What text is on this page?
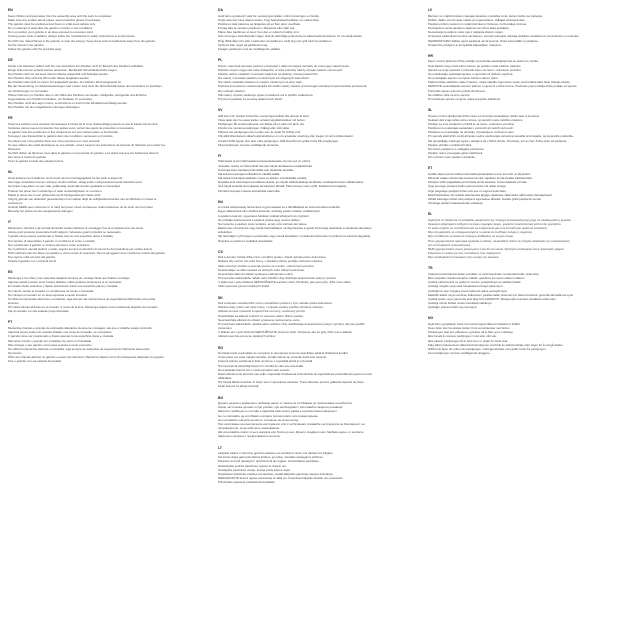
EN
Keep children and pets away from the assembly area until the work is completed.
Make sure any surface about edges, wear protective gloves if necessary.
The gazebo must be positioned and fixed on a flat level surface only.
Do not attempt to assemble the gazebo in windy or wet conditions.
Do not position your gazebo in an area exposed to excessive wind.
If using power tools or ladders, always follow the manufacturer's safety instructions to avoid injuries.
Do NOT use naked flames in the gazebo or near the canopy. Keep items such as barbecues away from the gazebo.
Not be stored in the gazebo.
Follow the gazebo with the provided pegs.
DE
Kinder und Haustiere sollten sich bis zum Abschluss der Arbeiten nicht im Bereich des Pavillons aufhalten.
Einige Teile können scharfe Kanten aufweisen. Bei Bedarf Schutzhandschuhe tragen.
Der Pavillon darf nur auf einer ebenen Fläche aufgestellt und befestigt werden.
Den Pavillon bitte nicht bei Wind oder Nässe aufgebaut werden.
Der Pavillon darf nicht an einem Ort aufgestellt werden, der starkem Wind ausgesetzt ist.
Bei der Verwendung von Elektrowerkzeugen oder Leitern sind stets die Sicherheitshinweise des Herstellers zu beachten,
um Verletzungen zu vermeiden.
Offene Flammen im Pavillon oder in der Nähe des Pavillons vermeiden. Grillgeräte, Heizgeräte und ähnliche
Gegenstände vom Pavillon fernhalten, um Schäden zu vermeiden.
Den Pavillon nicht als Lager nutzen, sonst könnte er durch hohe Windlast beschädigt werden.
Den Pavillon mit den mitgelieferten Heringen befestigen.
FR
Tenez les enfants et les animaux domestiques à l'écart de la zone d'assemblage jusqu'à ce que le travail soit terminé.
Certaines pièces peuvent présenter des arêtes vives, portez des gants de protection si nécessaire.
Le gazebo doit être positionné et fixé uniquement sur une surface plane et horizontale.
N'essayez pas d'assembler le gazebo dans des conditions venteuses ou humides.
Ne placez pas votre gazebo dans une zone exposée à un vent excessif.
Si vous utilisez des outils électriques ou une échelle, suivez toujours les instructions de sécurité du fabricant pour éviter les
blessures.
Ne PAS utiliser de flammes nues dans le gazebo ou à proximité du gazebo. Les objets tels que les barbecues doivent
être tenus à l'écart du gazebo.
Fixez le gazebo à l'aide des piquets fournis.
NL
Houd kinderen en huisdieren uit de buurt van het montagegebied tot het werk is afgerond.
Sommige onderdelen kunnen scherpe randen hebben, draag indien nodig beschermende handschoenen.
Het prieel mag alleen op een vlak, gelijkmatig oppervlak worden geplaatst en bevestigd.
Probeer het prieel niet in winderige of natte omstandigheden te monteren.
Plaats je prieel niet in een gebied dat wordt blootgesteld aan harde wind.
Volg bij gebruik van elektrisch gereedschap of een ladder altijd de veiligheidsinstructies van de fabrikant om letsel te
voorkomen.
Gebruik GEEN open vlammen in of nabij het prieel. Houd voorwerpen zoals barbecues uit de buurt van het prieel.
Bevestig het prieel met de meegeleverde haringen.
IT
Mantenere i bambini e gli animali domestici lontani dall'area di montaggio fino al completamento dei lavori.
Alcune parti possono presentare bordi taglienti, indossare guanti protettivi se necessario.
Il gazebo deve essere posizionato e fissato solo su una superficie piana e livellata.
Non tentare di assemblare il gazebo in condizioni di vento o umidità.
Non posizionare il gazebo in un'area esposta a vento eccessivo.
Se si utilizzano utensili elettrici o scale, seguire sempre le istruzioni di sicurezza del produttore per evitare lesioni.
NON utilizzare fiamme libere nel gazebo o vicino al telo di copertura. Tenere gli oggetti come i barbecue lontani dal gazebo.
Non riporre nulla sul tetto del gazebo.
Fissare il gazebo con i picchetti forniti.
ES
Mantenga a los niños y las mascotas alejados del área de montaje hasta que finalice el trabajo.
Algunas piezas pueden tener bordes afilados; utilice guantes protectores si es necesario.
El cenador debe colocarse y fijarse únicamente sobre una superficie plana y nivelada.
No intente montar el cenador en condiciones de viento o humedad.
No coloque el cenador en un área expuesta a viento excesivo.
Si utiliza herramientas eléctricas o escaleras, siga siempre las instrucciones de seguridad del fabricante para evitar
lesiones.
NO utilice llamas abiertas en el cenador ni cerca de la lona. Mantenga objetos como barbacoas alejados del cenador.
Fije el cenador con las estacas proporcionadas.
PT
Mantenha crianças e animais de estimação afastados da área de montagem até que o trabalho esteja concluído.
Algumas peças podem ter arestas afiadas; use luvas de proteção, se necessário.
O gazebo deve ser posicionado e fixado apenas numa superfície plana e nivelada.
Não tente montar o gazebo em condições de vento ou humidade.
Não coloque o seu gazebo numa área exposta a vento excessivo.
Se utilizar ferramentas elétricas ou escadas, siga sempre as instruções de segurança do fabricante para evitar
ferimentos.
NÃO use chamas abertas no gazebo ou perto da cobertura. Mantenha objetos como churrasqueiras afastados do gazebo.
Fixe o gazebo com as estacas fornecidas.
DA
Hold børn og kæledyr væk fra monteringsområdet, indtil monteringen er færdig.
Nogle dele kan have skarpe kanter, brug beskyttelseshandsker om nødvendigt.
Pavillonen skal placeres og fastgøres på en flad, jævn overflade.
Forsøg ikke at montere pavillonen i blæsende eller vådt vejr.
Placer ikke pavillonen et sted, hvor den er udsat for kraftig vind.
Hvis du bruger elværktøj eller stiger, skal du altid følge producentens sikkerhedsinstruktioner for at undgå skader.
Brug IKKE åben ild i eller i nærheden af pavillonen. Hold ting som grill væk fra pavillonen.
Opbevar ikke noget på pavillonens tag.
Fastgør pavillonen med de medfølgende pløkker.
PL
Dzieci i zwierzęta domowe powinny przebywać z dala od miejsca montażu do czasu jego zakończenia.
Niektóre części mogą mieć ostre krawędzie; w razie potrzeby należy używać rękawic ochronnych.
Pawilon należy ustawiać i mocować wyłącznie na płaskiej, równej powierzchni.
Nie należy montować pawilonu w wietrznych lub wilgotnych warunkach.
Nie należy ustawiać pawilonu w miejscu narażonym na silny wiatr.
Podczas korzystania z elektronarzędzi lub drabin należy zawsze przestrzegać instrukcji bezpieczeństwa producenta,
aby uniknąć obrażeń.
NIE należy używać otwartego ognia w pawilonie ani w pobliżu zadaszenia.
Przymocuj pawilon za pomocą dołączonych śledzi.
SV
Håll barn och husdjur borta från monteringsområdet tills arbetet är klart.
Vissa delar kan ha vassa kanter, använd skyddshandskar vid behov.
Paviljongen får endast placeras och fästas på en plan och jämn yta.
Försök inte montera paviljongen i blåsigt eller vått väder.
Placera inte paviljongen på en plats som är utsatt för kraftig vind.
Följ alltid tillverkarens säkerhetsinstruktioner om du använder elverktyg eller stegar, för att undvika skador.
Använd INTE öppen eld i eller nära paviljongen. Håll föremål som grillar borta från paviljongen.
Fäst paviljongen med de medföljande pinnarna.
FI
Pidä lapset ja lemmikit kaukana kokoamisalueelta, kunnes työ on valmis.
Joissakin osissa voi olla teräviä reunoja; käytä tarvittaessa suojakäsineitä.
Huvimaja tulee sijoittaa ja kiinnittää vain tasaiselle alustalle.
Älä kokoa huvimajaa tuulisella tai märällä säällä.
Älä sijoita huvimajaa paikkaan, jossa se altistuu voimakkaalle tuulelle.
Noudata aina valmistajan turvallisuusohjeita, jos käytät sähkötyökaluja tai tikkaita, loukkaantumisten välttämiseksi.
ÄLÄ käytä avotulta huvimajassa tai katoksen lähellä. Pidä esineet, kuten grillit, kaukana huvimajasta.
Kiinnitä huvimaja mukana toimitetuilla vaarnoilla.
HU
A munka befejezéséig tartsa távol a gyermekeket és a háziállatokat az összeszerelési területtől.
Egyes alkatrészek éles szélűek lehetnek, szükség esetén viseljen védőkesztyűt.
A pavilont csak sík, egyenletes felületen szabad elhelyezni és rögzíteni.
Ne próbálja összeszerelni a pavilont szeles vagy nedves időben.
Ne helyezze a pavilont olyan területre, amely erős szélnek van kitéve.
Elektromos szerszámok vagy létrák használatakor mindig kövesse a gyártó biztonsági utasításait a sérülések elkerülése
érdekében.
NE használjon nyílt lángot a pavilonban vagy annak közelében. A pavilontól tartsa távol a grillezőt és hasonló tárgyakat.
Rögzítse a pavilont a mellékelt cövekekkel.
CS
Děti a domácí zvířata držte mimo montážní prostor, dokud nebude práce dokončena.
Některé díly mohou mít ostré hrany, v případě potřeby použijte ochranné rukavice.
Altán musí být umístěn a upevněn pouze na rovném, vodorovném povrchu.
Nepokoušejte se altán sestavit za větrných nebo vlhkých podmínek.
Neumisťujte altán do oblasti vystavené nadměrnému větru.
Při používání elektrického nářadí nebo žebříků vždy dodržujte bezpečnostní pokyny výrobce.
V altánu ani v jeho blízkosti NEPOUŽÍVEJTE otevřený oheň. Předměty, jako jsou grily, držte mimo altán.
Altán upevněte pomocí dodaných kolíků.
SK
Deti a domáce zvieratá držte mimo montážneho priestoru, kým nebude práca dokončená.
Niektoré diely môžu mať ostré hrany, v prípade potreby použite ochranné rukavice.
Altánok sa smie umiestniť a upevniť iba na rovný, vodorovný povrch.
Nepokúšajte sa altánok zostaviť vo veternom alebo vlhkom počasí.
Neumiestňujte altánok do oblasti vystavenej nadmernému vetru.
Pri používaní elektrického náradia alebo rebríkov vždy dodržiavajte bezpečnostné pokyny výrobcu, aby ste predišli
zraneniam.
V altánku ani v jeho blízkosti NEPOUŽÍVAJTE otvorený oheň. Predmety, ako sú grily, držte mimo altánku.
Altánok upevnite pomocou dodaných kolíkov.
RO
Nu lăsați copiii și animalele de companie în apropierea zonei de asamblare până la finalizarea lucrării.
Unele piese pot avea margini ascuțite, purtați mănuși de protecție dacă este necesar.
Foișorul trebuie poziționat și fixat numai pe o suprafață plană și orizontală.
Nu încercați să asamblați foișorul în condiții de vânt sau umezeală.
Nu amplasați foișorul într-o zonă expusă la vânt excesiv.
Dacă utilizați scule electrice sau scări, respectați întotdeauna instrucțiunile de siguranță ale producătorului pentru a evita
vătămările.
NU folosiți flăcări deschise în foișor sau în apropierea acestuia. Țineți obiectele precum grătarele departe de foișor.
Fixați foișorul cu țărușii furnizați.
BG
Дръжте децата и домашните любимци далеч от зоната за сглобяване до приключване на работата.
Някои части може да имат остри ръбове; при необходимост използвайте защитни ръкавици.
Шатрата трябва да се поставя и закрепва само върху равна и хоризонтална повърхност.
Не се опитвайте да сглобявате шатрата при ветровито или влажно време.
Не поставяйте шатрата на място, изложено на силен вятър.
При използване на електрически инструменти или стълби винаги спазвайте инструкциите за безопасност на
производителя, за да избегнете наранявания.
НЕ използвайте открит огън в шатрата или близо до нея. Дръжте предмети като барбекю далеч от шатрата.
Закрепете шатрата с предоставените колчета.
LT
Laikykite vaikus ir naminius gyvūnus atokiau nuo surinkimo vietos, kol darbas bus baigtas.
Kai kurios dalys gali turėti aštrius kraštus, jei reikia, mūvėkite apsaugines pirštines.
Pavėsinė turi būti pastatyta ir pritvirtinta tik ant lygaus, horizontalaus paviršiaus.
Nebandykite surinkti pavėsinės vėjuotu ar drėgnu oru.
Nestatykite pavėsinės vietoje, kurioje pučia stiprus vėjas.
Naudodami elektrinius įrankius ar kopėčias, visada laikykitės gamintojo saugos instrukcijų.
NENAUDOKITE atviros ugnies pavėsinėje ar šalia jos. Kepsnines laikykite atokiau nuo pavėsinės.
Pritvirtinkite pavėsinę pridedamais kuoleliais.
LV
Bērniem un mājdzīvniekiem neļaujiet atrasties montāžas zonā, kamēr darbs nav pabeigts.
Dažām daļām var būt asas malas; ja nepieciešams, valkājiet aizsargcimdus.
Paviljonu drīkst novietot un nostiprināt tikai uz līdzenas, horizontālas virsmas.
Nemēģiniet montēt paviljonu vējainos vai mitros laika apstākļos.
Nenovietojiet paviljonu vietā, kas ir pakļauta stipram vējam.
Izmantojot elektroinstrumentus vai kāpnes, vienmēr ievērojiet ražotāja drošības norādījumus, lai izvairītos no traumām.
NEIZMANTOJIET atklātu uguni paviljonā vai tā tuvumā. Grilus turiet tālāk no paviljona.
Nostipriniet paviljonu ar komplektā iekļautajiem mietiņiem.
HR
Djecu i kućne ljubimce držite podalje od područja sastavljanja dok se radovi ne završe.
Neki dijelovi mogu imati oštre rubove; po potrebi nosite zaštitne rukavice.
Sjenica se smije postaviti i pričvrstiti samo na ravnu, vodoravnu površinu.
Ne pokušavajte sastavljati sjenicu u vjetrovitim ili vlažnim uvjetima.
Ne postavljajte sjenicu na mjesto izloženo jakom vjetru.
Kada koristite električne alate ili ljestve, uvijek slijedite sigurnosne upute proizvođača kako biste izbjegli ozljede.
NEMOJTE upotrebljavati otvoreni plamen u sjenici ili u blizini krova. Predmete poput roštilja držite podalje od sjenice.
Pričvrstite sjenicu pomoću priloženih klinova.
Ne odlažite ništa na krov sjenice.
Pri korištenju sjenice za sjenu uvijek provjerite stabilnost.
SL
Otroke in hišne ljubljenčke držite stran od območja sestavljanja, dokler delo ni končano.
Nekateri deli imajo lahko ostre robove; po potrebi nosite zaščitne rokavice.
Paviljon se sme postaviti in pritrditi le na ravno, vodoravno površino.
Paviljona ne poskušajte sestavljati v vetrovnih ali mokrih razmerah.
Paviljona ne postavljajte na območje, izpostavljeno močnemu vetru.
Pri uporabi električnih orodij ali lestev vedno upoštevajte varnostna navodila proizvajalca, da preprečite poškodbe.
NE uporabljajte odprtega ognja v paviljonu ali v bližini strehe. Predmete, kot so žari, držite stran od paviljona.
Paviljon pritrdite s priloženimi klini.
Na streho paviljona ne odlagajte predmetov.
Paviljon redno preverjajte glede stabilnosti.
Ob močnem vetru paviljon razstavite.
ET
Hoidke lapsed ja lemmikloomad kokkupanekualast eemal, kuni töö on lõpetatud.
Mõnedel osadel võivad olla teravad servad; vajaduse korral kandke kaitsekindaid.
Paviljoni tohib paigaldada ja kinnitada ainult tasasele, horisontaalsele pinnale.
Ärge proovige paviljoni kokku panna tuulise või niiske ilmaga.
Ärge paigutage paviljoni kohta, kus see on tugeva tuule käes.
Elektritööriistade või redelite kasutamisel järgige vigastuste vältimiseks alati tootja ohutusjuhiseid.
ÄRGE kasutage lahtist tuld paviljonis ega katuse lähedal. Hoidke grillid paviljonist eemal.
Kinnitage paviljon kaasasolevate vaiadega.
EL
Κρατήστε τα παιδιά και τα κατοικίδια μακριά από την περιοχή συναρμολόγησης μέχρι να ολοκληρωθεί η εργασία.
Ορισμένα εξαρτήματα ενδέχεται να έχουν αιχμηρές άκρες· φορέστε προστατευτικά γάντια εάν χρειάζεται.
Το κιόσκι πρέπει να τοποθετείται και να στερεώνεται μόνο σε επίπεδη και οριζόντια επιφάνεια.
Μην επιχειρήσετε να συναρμολογήσετε το κιόσκι σε συνθήκες ανέμου ή υγρασίας.
Μην τοποθετείτε το κιόσκι σε περιοχή εκτεθειμένη σε ισχυρό άνεμο.
Όταν χρησιμοποιείτε ηλεκτρικά εργαλεία ή σκάλες, ακολουθείτε πάντα τις οδηγίες ασφαλείας του κατασκευαστή
για να αποφύγετε τραυματισμούς.
ΜΗΝ χρησιμοποιείτε γυμνή φλόγα μέσα ή κοντά στο κιόσκι. Κρατήστε αντικείμενα όπως ψησταριές μακριά.
Στερεώστε το κιόσκι με τους πασσάλους που παρέχονται.
Μην αποθηκεύετε αντικείμενα στην οροφή του κιοσκιού.
TR
Çalışma tamamlanana kadar çocukları ve evcil hayvanları montaj alanından uzak tutun.
Bazı parçaların keskin kenarları olabilir; gerekirse koruyucu eldiven kullanın.
Çardak yalnızca düz ve yatay bir zemine yerleştirilmeli ve sabitlenmelidir.
Çardağı rüzgarlı veya ıslak havalarda kurmaya çalışmayın.
Çardağınızı aşırı rüzgara maruz kalan bir alana yerleştirmeyin.
Elektrikli aletler veya merdiven kullanırken yaralanmaları önlemek için daima üreticinin güvenlik talimatlarına uyun.
Çardak içinde veya yakınında açık ateş KULLANMAYIN. Mangal gibi nesneleri çardaktan uzak tutun.
Çardağı ürünle birlikte verilen kazıklarla sabitleyin.
Çardağın çatısına hiçbir şey koymayın.
NO
Hold barn og kjæledyr borte fra monteringsområdet til arbeidet er fullført.
Noen deler kan ha skarpe kanter; bruk vernehansker ved behov.
Paviljongen skal kun plasseres og festes på et flatt, jevnt underlag.
Ikke forsøk å montere paviljongen i vind eller vått vær.
Ikke plasser paviljongen på et sted som er utsatt for sterk vind.
Følg alltid produsentens sikkerhetsinstruksjoner ved bruk av elektroverktøy eller stiger for å unngå skader.
IKKE bruk åpen ild i eller nær paviljongen. Hold gjenstander som griller borte fra paviljongen.
Fest paviljongen med de medfølgende pluggene.
